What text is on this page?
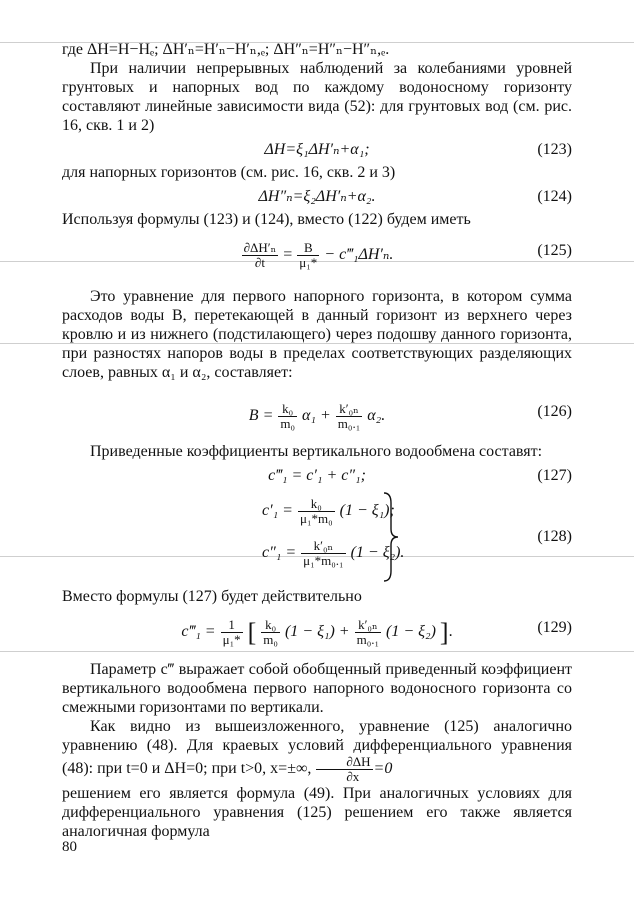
где ΔH=H−Hₑ; ΔH′ₙ=H′ₙ−H′ₙ,ₑ; ΔH″ₙ=H″ₙ−H″ₙ,ₑ.

При наличии непрерывных наблюдений за колебаниями уровней грунтовых и напорных вод по каждому водоносному горизонту составляют линейные зависимости вида (52): для грунтовых вод (см. рис. 16, скв. 1 и 2)

ΔH=ξ₁ΔH′ₙ+α₁;	(123)

для напорных горизонтов (см. рис. 16, скв. 2 и 3)

ΔH″ₙ=ξ₂ΔH′ₙ+α₂.	(124)

Используя формулы (123) и (124), вместо (122) будем иметь

$\frac{\text{∂ΔH′ₙ}}{\partial t} = \frac{B}{\text{μ₁*}}$ − c‴₁ΔH′ₙ.	(125)

Это уравнение для первого напорного горизонта, в котором сумма расходов воды B, перетекающей в данный горизонт из верхнего через кровлю и из нижнего (подстилающего) через подошву данного горизонта, при разностях напоров воды в пределах соответствующих разделяющих слоев, равных α₁ и α₂, составляет:

$B = \frac{\text{k₀}}{\text{m₀}} \alpha_1 + \frac{\text{k′₀ₙ}}{\text{m₀.₁}} \alpha_2$.	(126)

Приведенные коэффициенты вертикального водообмена составят:

c‴₁ = c′₁ + c″₁;	(127)
$c'_1 = \frac{\text{k₀}}{\text{μ₁*m₀}} (1 - \xi_1)$;
$c''_1 = \frac{\text{k′₀ₙ}}{\text{μ₁*m₀.₁}} (1 - \xi_2)$.
(128)

Вместо формулы (127) будет действительно

c‴₁ = $\frac{1}{\text{μ₁*}}$ [ $\frac{\text{k₀}}{\text{m₀}} (1 - \xi_1) + \frac{\text{k′₀ₙ}}{\text{m₀.₁}} (1 - \xi_2)$ ].	(129)

Параметр c‴ выражает собой обобщенный приведенный коэффициент вертикального водообмена первого напорного водоносного горизонта со смежными горизонтами по вертикали.

Как видно из вышеизложенного, уравнение (125) аналогично уравнению (48). Для краевых условий дифференциального уравнения (48): при t=0 и ΔH=0; при t>0, x=±∞, $\frac{\partial\Delta H}{\partial x} =0$

решением его является формула (49). При аналогичных условиях для дифференциального уравнения (125) решением его также является аналогичная формула

80
